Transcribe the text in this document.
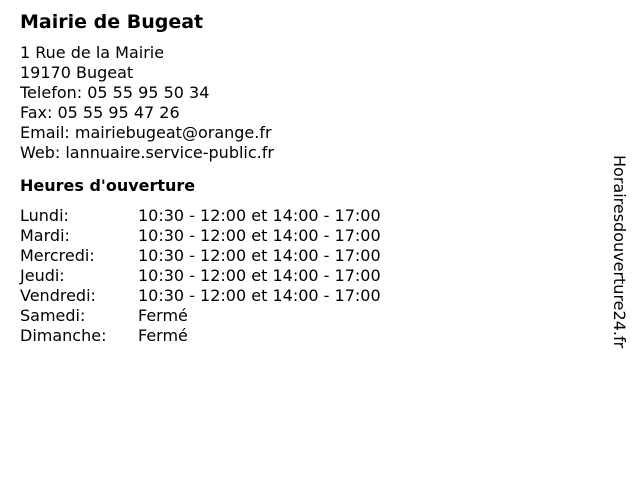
Mairie de Bugeat
1 Rue de la Mairie
19170 Bugeat
Telefon: 05 55 95 50 34
Fax: 05 55 95 47 26
Email: mairiebugeat@orange.fr
Web: lannuaire.service-public.fr
Heures d'ouverture
Lundi:	10:30 - 12:00 et 14:00 - 17:00
Mardi:	10:30 - 12:00 et 14:00 - 17:00
Mercredi:	10:30 - 12:00 et 14:00 - 17:00
Jeudi:	10:30 - 12:00 et 14:00 - 17:00
Vendredi:	10:30 - 12:00 et 14:00 - 17:00
Samedi:	Fermé
Dimanche:	Fermé	Horairesdouverture24.fr
